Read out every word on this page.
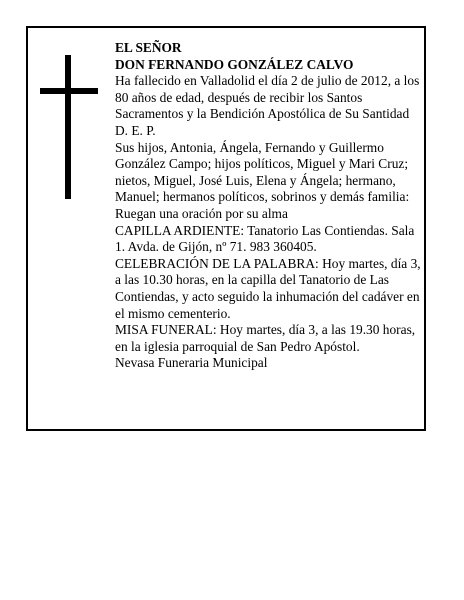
EL SEÑOR
DON FERNANDO GONZÁLEZ CALVO
Ha fallecido en Valladolid el día 2 de julio de 2012, a los 80 años de edad, después de recibir los Santos Sacramentos y la Bendición Apostólica de Su Santidad D. E. P.
Sus hijos, Antonia, Ángela, Fernando y Guillermo González Campo; hijos políticos, Miguel y Mari Cruz; nietos, Miguel, José Luis, Elena y Ángela; hermano, Manuel; hermanos políticos, sobrinos y demás familia:
Ruegan una oración por su alma
CAPILLA ARDIENTE: Tanatorio Las Contiendas. Sala 1. Avda. de Gijón, nº 71. 983 360405.
CELEBRACIÓN DE LA PALABRA: Hoy martes, día 3, a las 10.30 horas, en la capilla del Tanatorio de Las Contiendas, y acto seguido la inhumación del cadáver en el mismo cementerio.
MISA FUNERAL: Hoy martes, día 3, a las 19.30 horas, en la iglesia parroquial de San Pedro Apóstol.
Nevasa Funeraria Municipal
